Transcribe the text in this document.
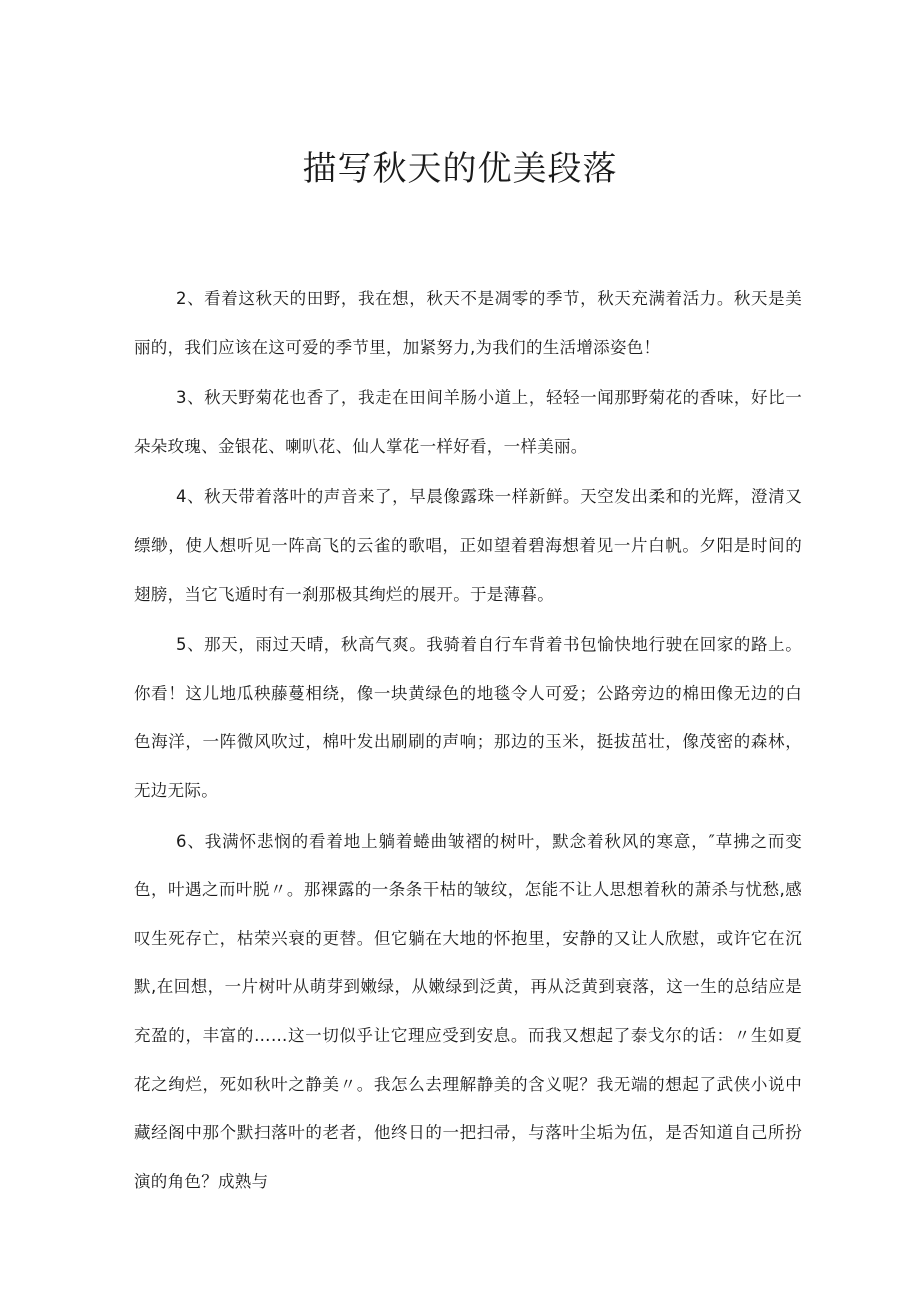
描写秋天的优美段落

2、看着这秋天的田野，我在想，秋天不是凋零的季节，秋天充满着活力。秋天是美丽的，我们应该在这可爱的季节里，加紧努力,为我们的生活增添姿色！

3、秋天野菊花也香了，我走在田间羊肠小道上，轻轻一闻那野菊花的香味，好比一朵朵玫瑰、金银花、喇叭花、仙人掌花一样好看，一样美丽。

4、秋天带着落叶的声音来了，早晨像露珠一样新鲜。天空发出柔和的光辉，澄清又缥缈，使人想听见一阵高飞的云雀的歌唱，正如望着碧海想着见一片白帆。夕阳是时间的翅膀，当它飞遁时有一刹那极其绚烂的展开。于是薄暮。

5、那天，雨过天晴，秋高气爽。我骑着自行车背着书包愉快地行驶在回家的路上。你看！这儿地瓜秧藤蔓相绕，像一块黄绿色的地毯令人可爱；公路旁边的棉田像无边的白色海洋，一阵微风吹过，棉叶发出刷刷的声响；那边的玉米，挺拔茁壮，像茂密的森林，无边无际。

6、我满怀悲悯的看着地上躺着蜷曲皱褶的树叶，默念着秋风的寒意，″草拂之而变色，叶遇之而叶脱〃。那裸露的一条条干枯的皱纹，怎能不让人思想着秋的萧杀与忧愁,感叹生死存亡，枯荣兴衰的更替。但它躺在大地的怀抱里，安静的又让人欣慰，或许它在沉默,在回想，一片树叶从萌芽到嫩绿，从嫩绿到泛黄，再从泛黄到衰落，这一生的总结应是充盈的，丰富的……这一切似乎让它理应受到安息。而我又想起了泰戈尔的话：〃生如夏花之绚烂，死如秋叶之静美〃。我怎么去理解静美的含义呢？我无端的想起了武侠小说中藏经阁中那个默扫落叶的老者，他终日的一把扫帚，与落叶尘垢为伍，是否知道自己所扮演的角色？成熟与
